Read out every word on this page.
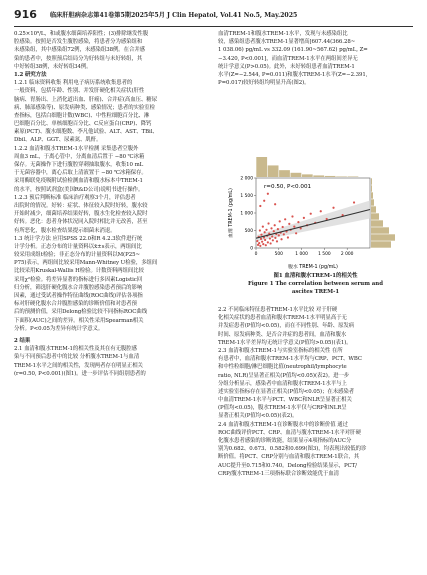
916 临床肝胆病杂志第41卷第5期2025年5月 J Clin Hepatol, Vol.41 No.5, May.2025
0.25×10⁹/L，和或腹水细菌培养阳性；(3)排除继发性腹
腔感染。按照是否发生腹腔感染，将患者分为感染组和
未感染组，其中感染组72例，未感染组38例。在合并感
染的患者中，按照预后结局分为好转组与未好转组，其
中好转组38例，未好转组34例。
1.2 研究方法
1.2.1 临床资料收集 利用电子病历系统收集患者的
一般资料，包括年龄、性别、并发肝硬化相关症状(肝性
脑病、胃肠出、上消化道出血、肝癌)、合并症(高血压、糖尿
病、肺部感染等)、原发病种类、感染情况；患者的实验室检
查指标，包括白细胞计数(WBC)、中性粒细胞百分比、淋
巴细胞百分比、单核细胞百分比、C反应蛋白(CRP)、降钙
素原(PCT)、腹水细胞数、李凡他试验、ALT、AST、TBil、
Dbil、ALP、GGT、尿素氮、肌酐。
1.2.2 血清和腹水TREM-1水平检测 采集患者空腹外
周血3 mL，于离心管中，分离血清后置于 −80 ℃冰箱
保存。无菌操作下进行腹腔穿刺抽取腹水，收集10 mL
于无菌容器中，离心后取上清液置于 −80 ℃冰箱保存。
采用酶联免疫吸附试验检测血清和腹水标本中TREM-1
的水平，按照试剂盒(美国R&D公司)说明书进行操作。
1.2.3 预后判断标准 临床治疗观察3个月，评估患者
出院时的情况。好转：症状、体征较入院时好转，腹水较
开始时减少，细菌培养结果好转，腹水生化检查较入院时
好转。恶化：患者身体状况同入院时相比并无改善，甚至
有所恶化，腹水检查结果提示细菌未消退。
1.3 统计学方法 应用SPSS 22.0和R 4.2.3软件进行统
计学分析。正态分布的计量资料以x̄±s表示，两组间比
较采用成组t检验；非正态分布的计量资料以M(P25~
P75)表示，两组间比较采用Mann-Whitney U检验，多组间
比较采用Kruskal-Wallis H检验。计数资料两组间比较
采用χ²检验。将差异显著的指标进行多因素Logistic回
归分析，筛选肝硬化腹水合并腹腔感染患者预后的影响
因素，通过受试者操作特征曲线(ROC曲线)评估各项指
标对肝硬化腹水合并腹腔感染的诊断价值和对患者预
后的预测价值，采用Delong检验比较不同指标ROC曲线
下面积(AUC)之间的差异。相关性采用Spearman相关
分析。P<0.05为差异有统计学意义。
2 结果
2.1 血清和腹水TREM-1的相关性及其在有无腹腔感
染与不同预后患者中的比较 分析腹水TREM-1与血清
TREM-1水平之间的相关性，发现两者存在明显正相关
(r=0.50, P<0.001)(图1)。进一步评估不同组别患者的
血清TREM-1和腹水TREM-1水平，发现与未感染组比
较，感染组患者腹水TREM-1显著增高[607.44(366.28~
1 038.06) pg/mL vs 332.09 (161.90~567.62) pg/mL, Z=
−3.420, P<0.001]，而血清TREM-1水平在两组间差异无
统计学意义(P>0.05)。此外，未好转组患者血清TREM-1
水平(Z=−2.544, P=0.011)和腹水TREM-1水平(Z=−2.391,
P=0.017)较好转组均明显升高(图2)。
r=0.50, P<0.001
0
500
1 000
1 500
2 000
0	500	1 000 1 500 2 000
血清 TREM-1 (pg/mL)
腹水 TREM-1 (pg/mL)
图1 血清和腹水TREM-1的相关性
Figure 1 The correlation between serum and
ascites TREM-1
2.2 不同临床特征患者TREM-1水平比较 对于肝硬
化相关症状的患者血清和腹水TREM-1水平明显高于无
并发症患者(P值均<0.05)，而在不同性别、年龄、原发病
时间、原发病种类、是否合并症的患者间，血清和腹水
TREM-1水平差异均无统计学意义(P值均>0.05)(表1)。
2.3 血清和腹水TREM-1与实验室指标的相关性 在所
有患者中，血清和腹水TREM-1水平均与CRP、PCT、WBC
和中性粒细胞/淋巴细胞比值(neutrophil/lymphocyte
ratio, NLR)呈显著正相关(P值均<0.05)(表2)。进一步
分组分析显示，感染者中血清和腹水TREM-1水平与上
述实验室指标存在显著正相关(P值均<0.05)；在未感染者
中血清TREM-1水平与PCT、WBC和NLR呈显著正相关
(P值均<0.05)，腹水TREM-1水平仅与CRP和NLR呈
显著正相关(P值均<0.05)(表2)。
2.4 血清和腹水TREM-1在诊断腹水中的诊断价值 通过
ROC曲线评价PCT、CRP、血清与腹水TREM-1水平对肝硬
化腹水患者感染的诊断效能，结果显示4项指标的AUC分
别为0.682、0.673、0.582和0.699(图3)，均表现出较低的诊
断价值。将PCT、CRP分别与血清和腹水TREM-1联合，其
AUC提升至0.715和0.740。Delong检验结果显示，PCT/
CRP/腹水TREM-1三项指标联合诊断效能优于血清
